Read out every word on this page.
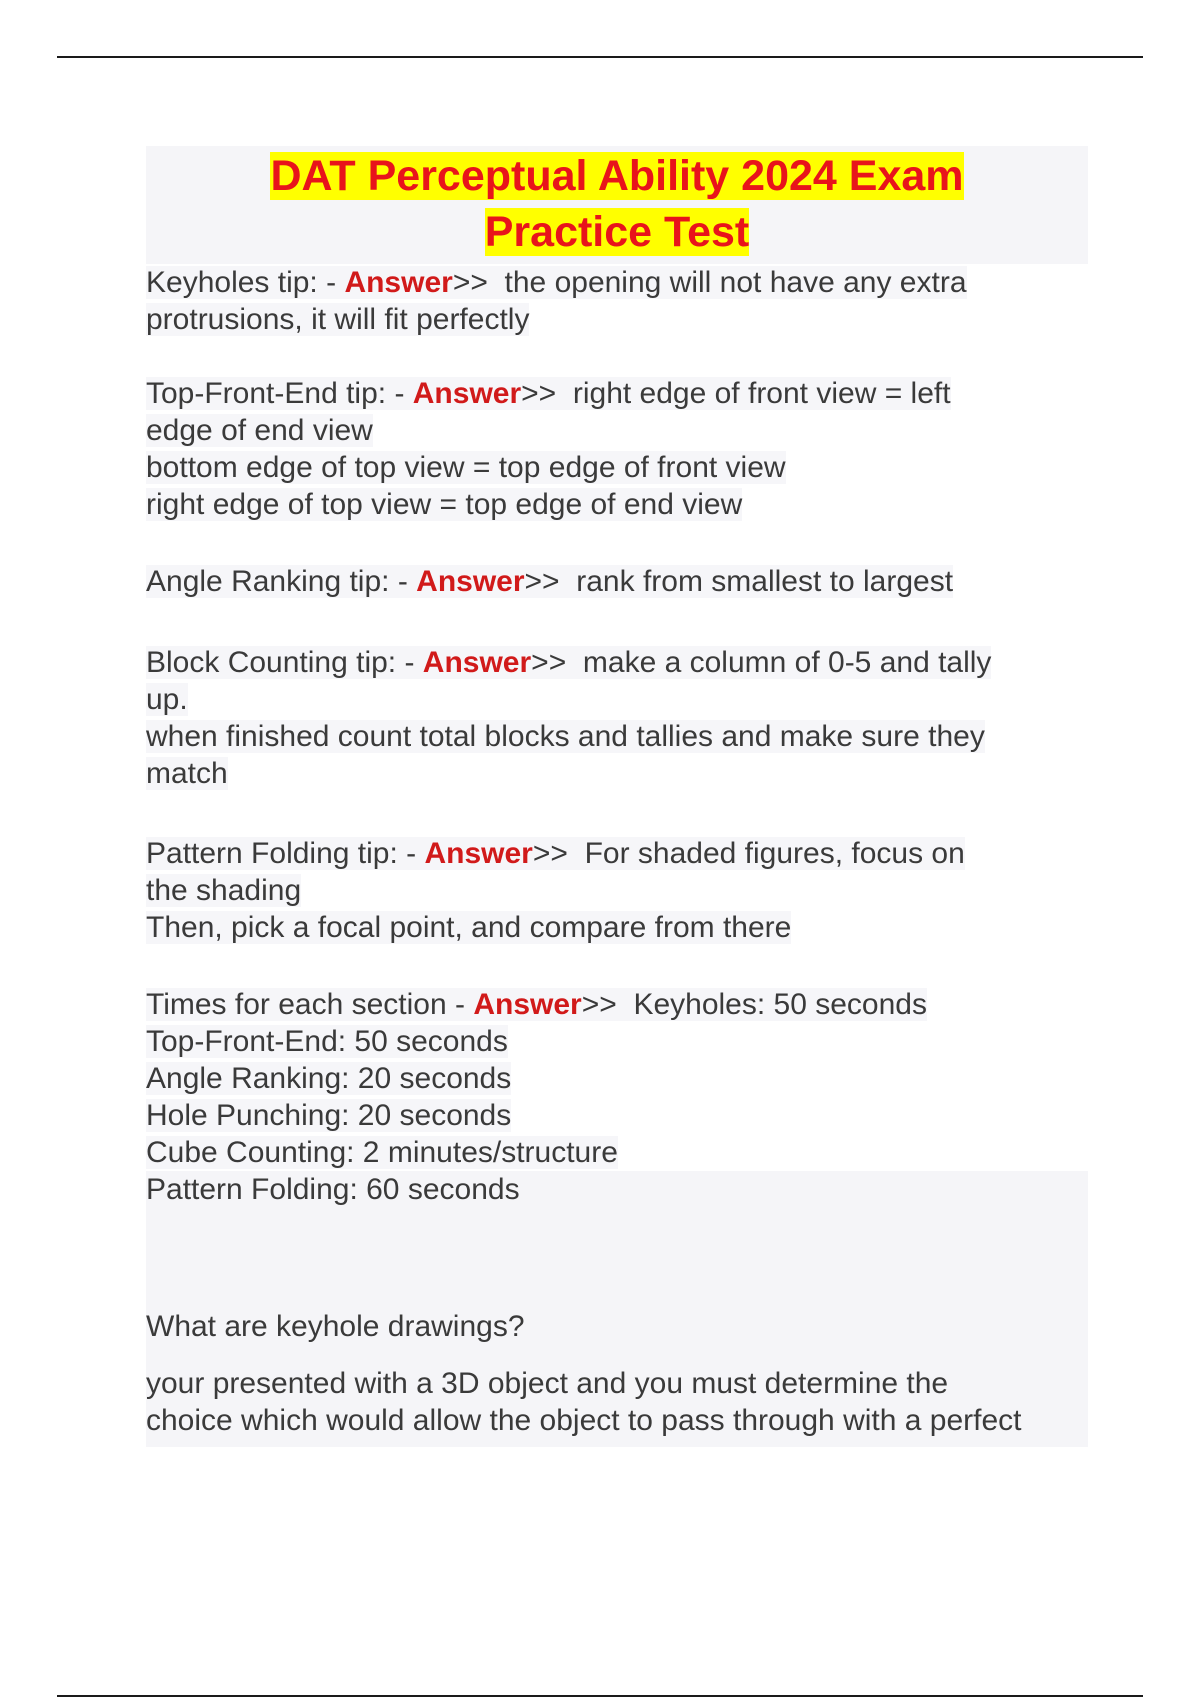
DAT Perceptual Ability 2024 Exam
Practice Test
Keyholes tip: - Answer>> the opening will not have any extra
protrusions, it will fit perfectly
Top-Front-End tip: - Answer>> right edge of front view = left
edge of end view
bottom edge of top view = top edge of front view
right edge of top view = top edge of end view
Angle Ranking tip: - Answer>> rank from smallest to largest
Block Counting tip: - Answer>> make a column of 0-5 and tally
up.
when finished count total blocks and tallies and make sure they
match
Pattern Folding tip: - Answer>> For shaded figures, focus on
the shading
Then, pick a focal point, and compare from there
Times for each section - Answer>> Keyholes: 50 seconds
Top-Front-End: 50 seconds
Angle Ranking: 20 seconds
Hole Punching: 20 seconds
Cube Counting: 2 minutes/structure
Pattern Folding: 60 seconds
What are keyhole drawings?
your presented with a 3D object and you must determine the
choice which would allow the object to pass through with a perfect
